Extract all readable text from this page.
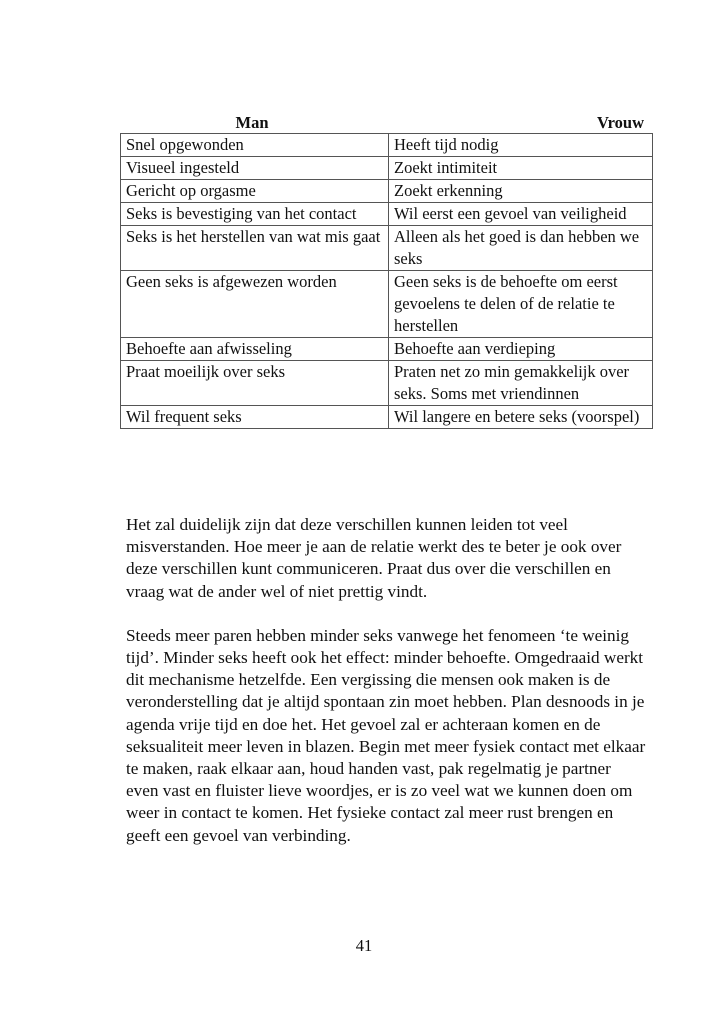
Man	Vrouw
Snel opgewonden	Heeft tijd nodig
Visueel ingesteld	Zoekt intimiteit
Gericht op orgasme	Zoekt erkenning
Seks is bevestiging van het contact	Wil eerst een gevoel van veiligheid
Seks is het herstellen van wat mis gaat	Alleen als het goed is dan hebben we seks
Geen seks is afgewezen worden	Geen seks is de behoefte om eerst gevoelens te delen of de relatie te herstellen
Behoefte aan afwisseling	Behoefte aan verdieping
Praat moeilijk over seks	Praten net zo min gemakkelijk over seks. Soms met vriendinnen
Wil frequent seks	Wil langere en betere seks (voorspel)

Het zal duidelijk zijn dat deze verschillen kunnen leiden tot veel misverstanden. Hoe meer je aan de relatie werkt des te beter je ook over deze verschillen kunt communiceren. Praat dus over die verschillen en vraag wat de ander wel of niet prettig vindt.

Steeds meer paren hebben minder seks vanwege het fenomeen ‘te weinig tijd’. Minder seks heeft ook het effect: minder behoefte. Omgedraaid werkt dit mechanisme hetzelfde. Een vergissing die mensen ook maken is de veronderstelling dat je altijd spontaan zin moet hebben. Plan desnoods in je agenda vrije tijd en doe het. Het gevoel zal er achteraan komen en de seksualiteit meer leven in blazen. Begin met meer fysiek contact met elkaar te maken, raak elkaar aan, houd handen vast, pak regelmatig je partner even vast en fluister lieve woordjes, er is zo veel wat we kunnen doen om weer in contact te komen. Het fysieke contact zal meer rust brengen en geeft een gevoel van verbinding.

41
